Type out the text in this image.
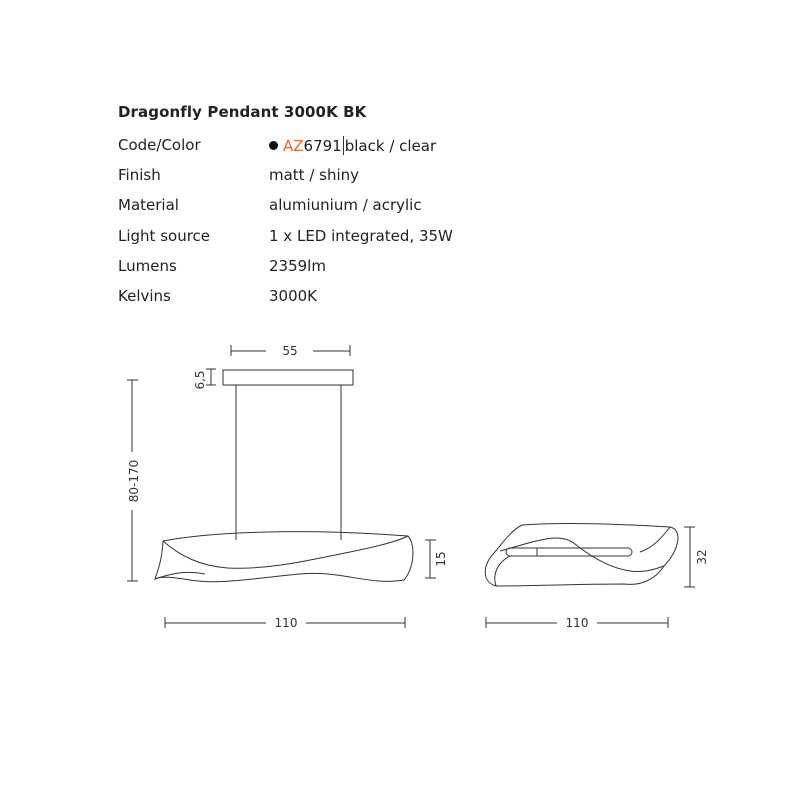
Dragonfly Pendant 3000K BK
Code/Color	AZ6791 black / clear
Finish	matt / shiny
Material	alumiunium / acrylic
Light source	1 x LED integrated, 35W
Lumens	2359lm
Kelvins	3000K
55
6,5
80-170
15
110
32
110
